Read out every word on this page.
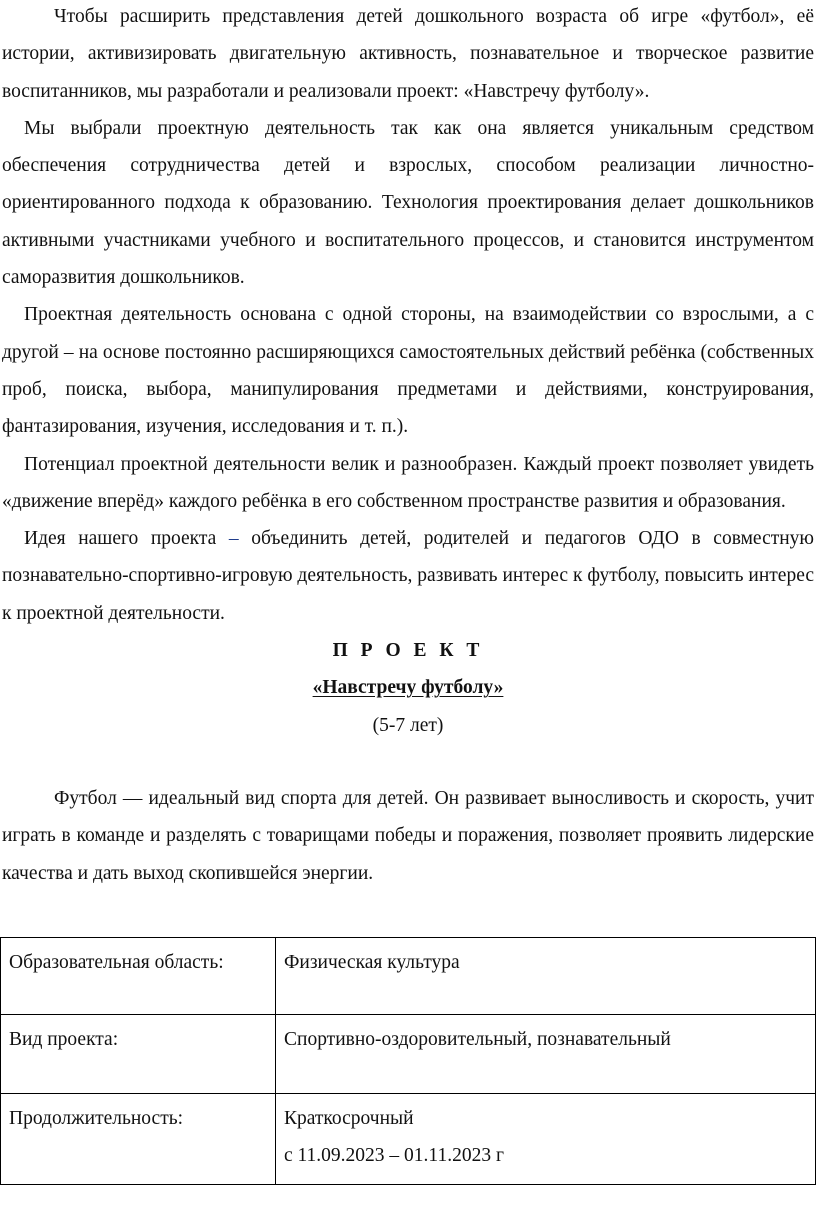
Чтобы расширить представления детей дошкольного возраста об игре «футбол», её истории, активизировать двигательную активность, познавательное и творческое развитие воспитанников, мы разработали и реализовали проект: «Навстречу футболу».

Мы выбрали проектную деятельность так как она является уникальным средством обеспечения сотрудничества детей и взрослых, способом реализации личностно-ориентированного подхода к образованию. Технология проектирования делает дошкольников активными участниками учебного и воспитательного процессов, и становится инструментом саморазвития дошкольников.

Проектная деятельность основана с одной стороны, на взаимодействии со взрослыми, а с другой – на основе постоянно расширяющихся самостоятельных действий ребёнка (собственных проб, поиска, выбора, манипулирования предметами и действиями, конструирования, фантазирования, изучения, исследования и т. п.).

Потенциал проектной деятельности велик и разнообразен. Каждый проект позволяет увидеть «движение вперёд» каждого ребёнка в его собственном пространстве развития и образования.

Идея нашего проекта – объединить детей, родителей и педагогов ОДО в совместную познавательно-спортивно-игровую деятельность, развивать интерес к футболу, повысить интерес к проектной деятельности.

П Р О Е К Т

«Навстречу футболу»

(5-7 лет)

Футбол — идеальный вид спорта для детей. Он развивает выносливость и скорость, учит играть в команде и разделять с товарищами победы и поражения, позволяет проявить лидерские качества и дать выход скопившейся энергии.

Образовательная область:	Физическая культура
Вид проекта:	Спортивно-оздоровительный, познавательный
Продолжительность:	Краткосрочный
с 11.09.2023 – 01.11.2023 г
